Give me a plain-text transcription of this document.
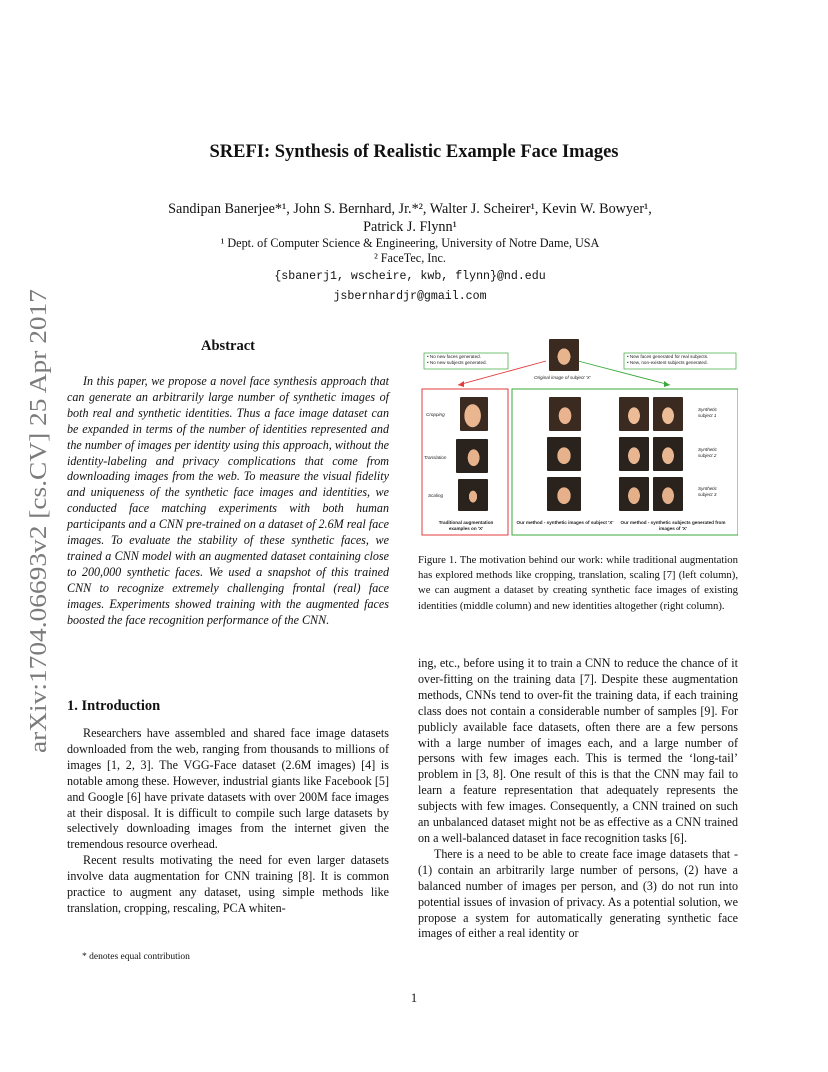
arXiv:1704.06693v2 [cs.CV] 25 Apr 2017
SREFI: Synthesis of Realistic Example Face Images
Sandipan Banerjee*¹, John S. Bernhard, Jr.*², Walter J. Scheirer¹, Kevin W. Bowyer¹,
Patrick J. Flynn¹
¹ Dept. of Computer Science & Engineering, University of Notre Dame, USA
² FaceTec, Inc.
{sbanerj1, wscheire, kwb, flynn}@nd.edu
jsbernhardjr@gmail.com
Abstract

In this paper, we propose a novel face synthesis approach that can generate an arbitrarily large number of synthetic images of both real and synthetic identities. Thus a face image dataset can be expanded in terms of the number of identities represented and the number of images per identity using this approach, without the identity-labeling and privacy complications that come from downloading images from the web. To measure the visual fidelity and uniqueness of the synthetic face images and identities, we conducted face matching experiments with both human participants and a CNN pre-trained on a dataset of 2.6M real face images. To evaluate the stability of these synthetic faces, we trained a CNN model with an augmented dataset containing close to 200,000 synthetic faces. We used a snapshot of this trained CNN to recognize extremely challenging frontal (real) face images. Experiments showed training with the augmented faces boosted the face recognition performance of the CNN.

1. Introduction

Researchers have assembled and shared face image datasets downloaded from the web, ranging from thousands to millions of images [1, 2, 3]. The VGG-Face dataset (2.6M images) [4] is notable among these. However, industrial giants like Facebook [5] and Google [6] have private datasets with over 200M face images at their disposal. It is difficult to compile such large datasets by selectively downloading images from the internet given the tremendous resource overhead.

Recent results motivating the need for even larger datasets involve data augmentation for CNN training [8]. It is common practice to augment any dataset, using simple methods like translation, cropping, rescaling, PCA whiten-

* denotes equal contribution
• No new faces generated.
• No new subjects generated.
• New faces generated for real subjects.
• New, non-existent subjects generated.
Original image of subject 'X'
Cropping
Translation
Scaling
Synthetic subject 1
Synthetic subject 2
Synthetic subject 3
Traditional augmentation examples on 'X'
Our method - synthetic images of subject 'X'	Our method - synthetic subjects generated from images of 'X'
Figure 1. The motivation behind our work: while traditional augmentation has explored methods like cropping, translation, scaling [7] (left column), we can augment a dataset by creating synthetic face images of existing identities (middle column) and new identities altogether (right column).

ing, etc., before using it to train a CNN to reduce the chance of it over-fitting on the training data [7]. Despite these augmentation methods, CNNs tend to over-fit the training data, if each training class does not contain a considerable number of samples [9]. For publicly available face datasets, often there are a few persons with a large number of images each, and a large number of persons with few images each. This is termed the ‘long-tail’ problem in [3, 8]. One result of this is that the CNN may fail to learn a feature representation that adequately represents the subjects with few images. Consequently, a CNN trained on such an unbalanced dataset might not be as effective as a CNN trained on a well-balanced dataset in face recognition tasks [6].

There is a need to be able to create face image datasets that - (1) contain an arbitrarily large number of persons, (2) have a balanced number of images per person, and (3) do not run into potential issues of invasion of privacy. As a potential solution, we propose a system for automatically generating synthetic face images of either a real identity or

1
